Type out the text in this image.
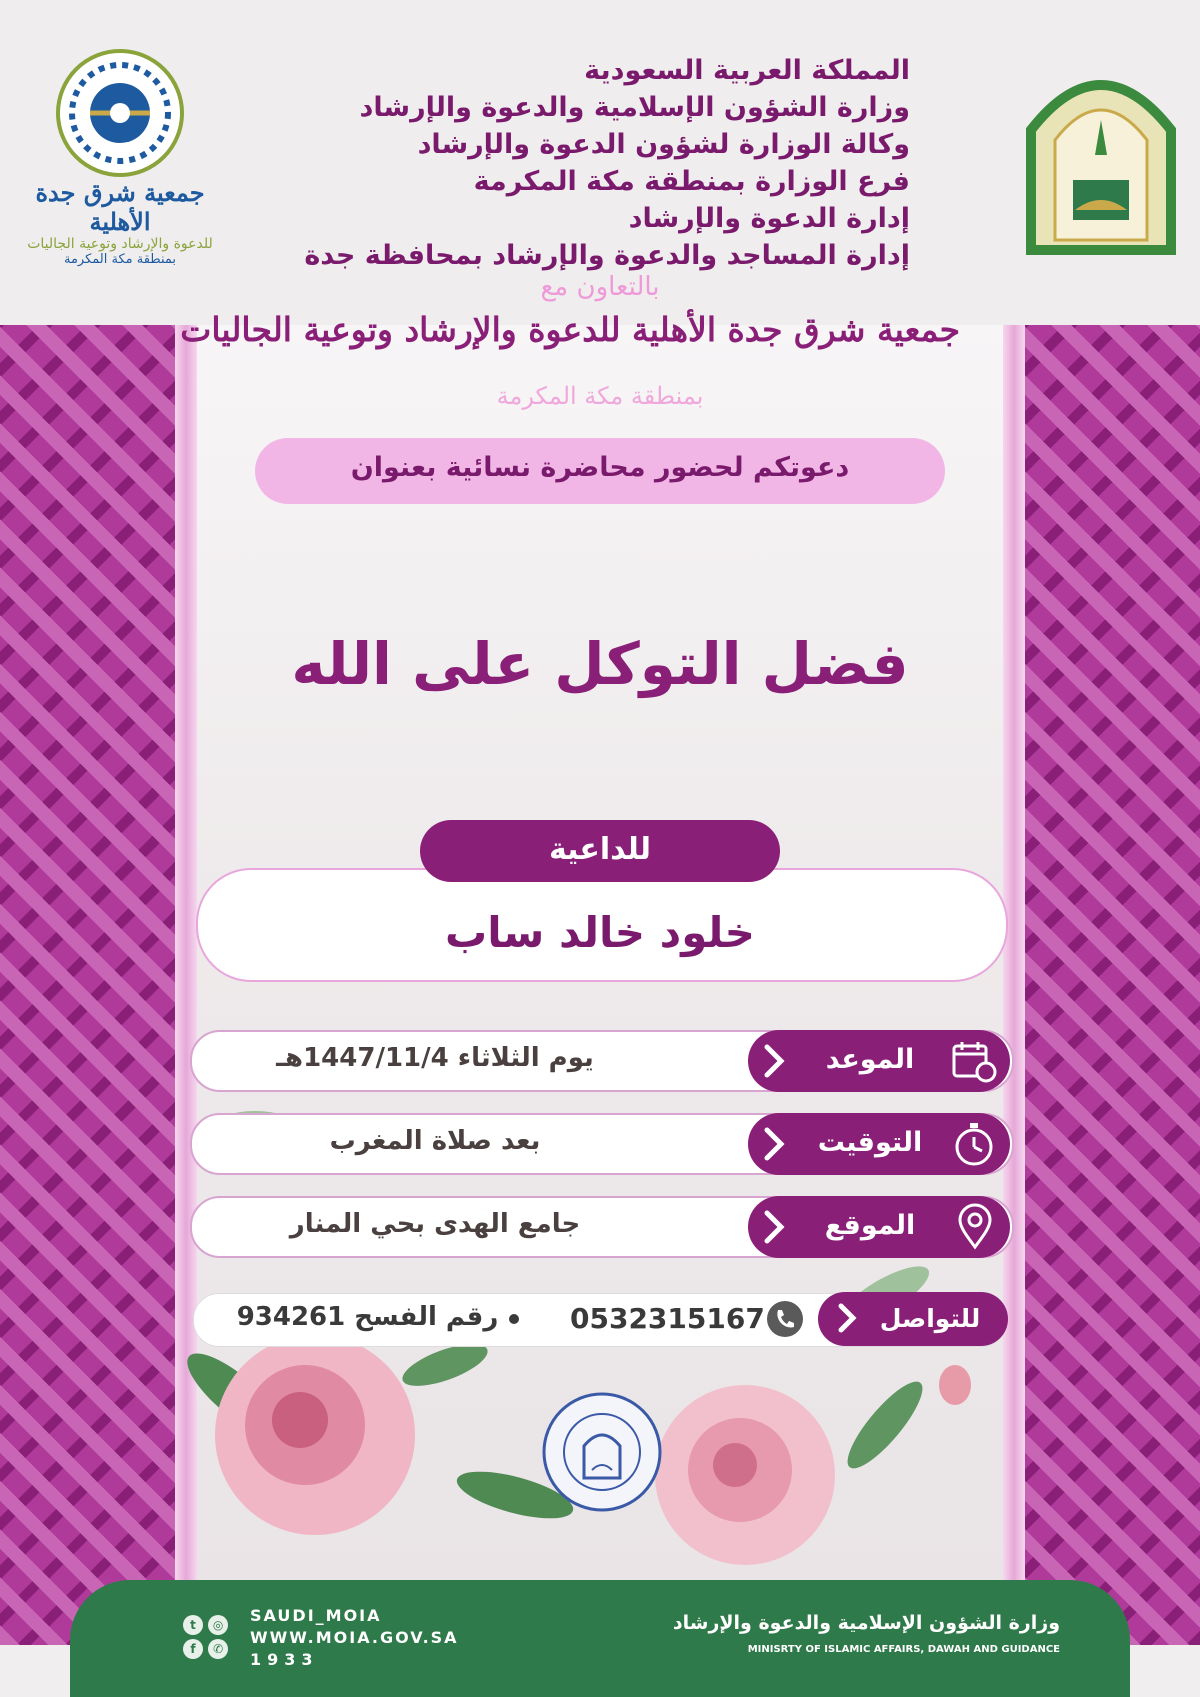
جمعية شرق جدة الأهلية
للدعوة والإرشاد وتوعية الجاليات
بمنطقة مكة المكرمة
المملكة العربية السعودية
وزارة الشؤون الإسلامية والدعوة والإرشاد
وكالة الوزارة لشؤون الدعوة والإرشاد
فرع الوزارة بمنطقة مكة المكرمة
إدارة الدعوة والإرشاد
إدارة المساجد والدعوة والإرشاد بمحافظة جدة
بالتعاون مع
جمعية شرق جدة الأهلية للدعوة والإرشاد وتوعية الجاليات
بمنطقة مكة المكرمة
دعوتكم لحضور محاضرة نسائية بعنوان
فضل التوكل على الله
للداعية
خلود خالد ساب
يوم الثلاثاء 1447/11/4هـ	الموعد
بعد صلاة المغرب	التوقيت
جامع الهدى بحي المنار	الموقع
للتواصل
0532315167
رقم الفسح 934261
t ◎ f ✆
SAUDI_MOIA
WWW.MOIA.GOV.SA
1933
وزارة الشؤون الإسلامية والدعوة والإرشاد
MINISRTY OF ISLAMIC AFFAIRS, DAWAH AND GUIDANCE
